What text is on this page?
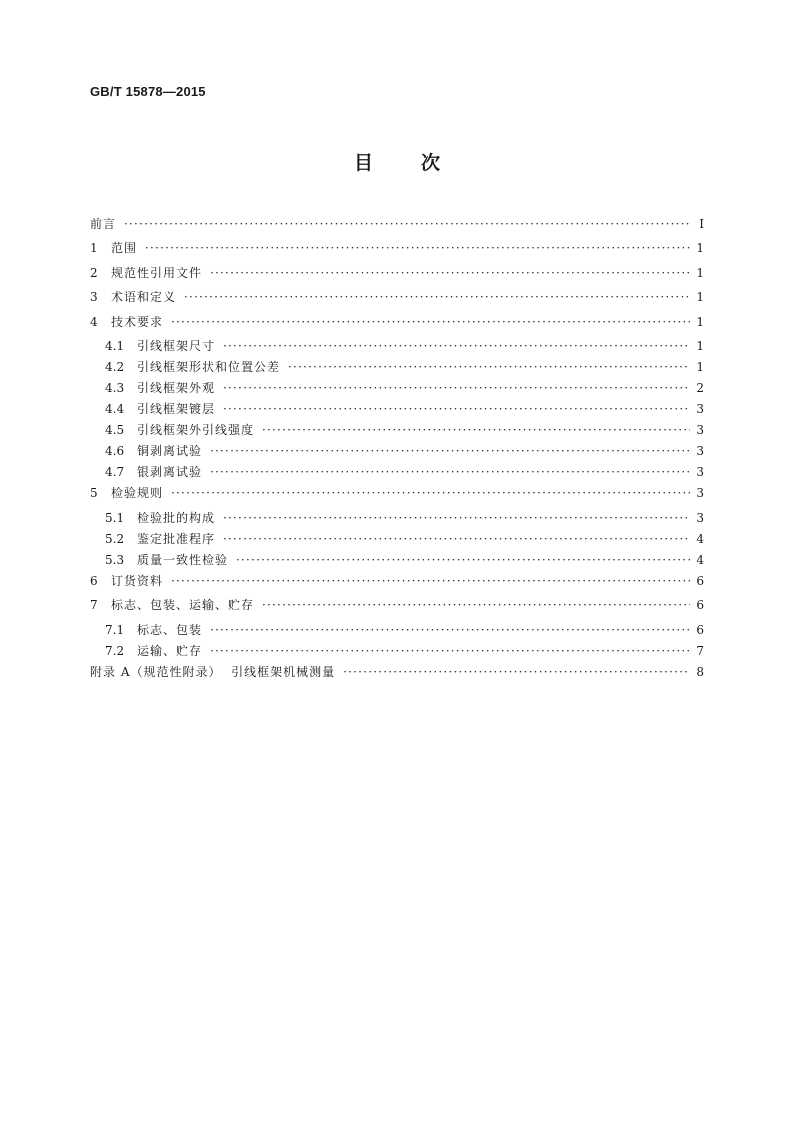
GB/T 15878—2015
目	次
前言 ·····	Ⅰ
1	范围 ·····	1
2	规范性引用文件 ·····	1
3	术语和定义 ·····	1
4	技术要求 ·····	1
4.1	引线框架尺寸 ·····	1
4.2	引线框架形状和位置公差 ·····	1
4.3	引线框架外观 ·····	2
4.4	引线框架镀层 ·····	3
4.5	引线框架外引线强度 ·····	3
4.6	铜剥离试验 ·····	3
4.7	银剥离试验 ·····	3
5	检验规则 ·····	3
5.1	检验批的构成 ·····	3
5.2	鉴定批准程序 ·····	4
5.3	质量一致性检验 ·····	4
6	订货资料 ·····	6
7	标志、包装、运输、贮存 ·····	6
7.1	标志、包装 ·····	6
7.2	运输、贮存 ·····	7
附录 A（规范性附录）  引线框架机械测量 ·····	8
